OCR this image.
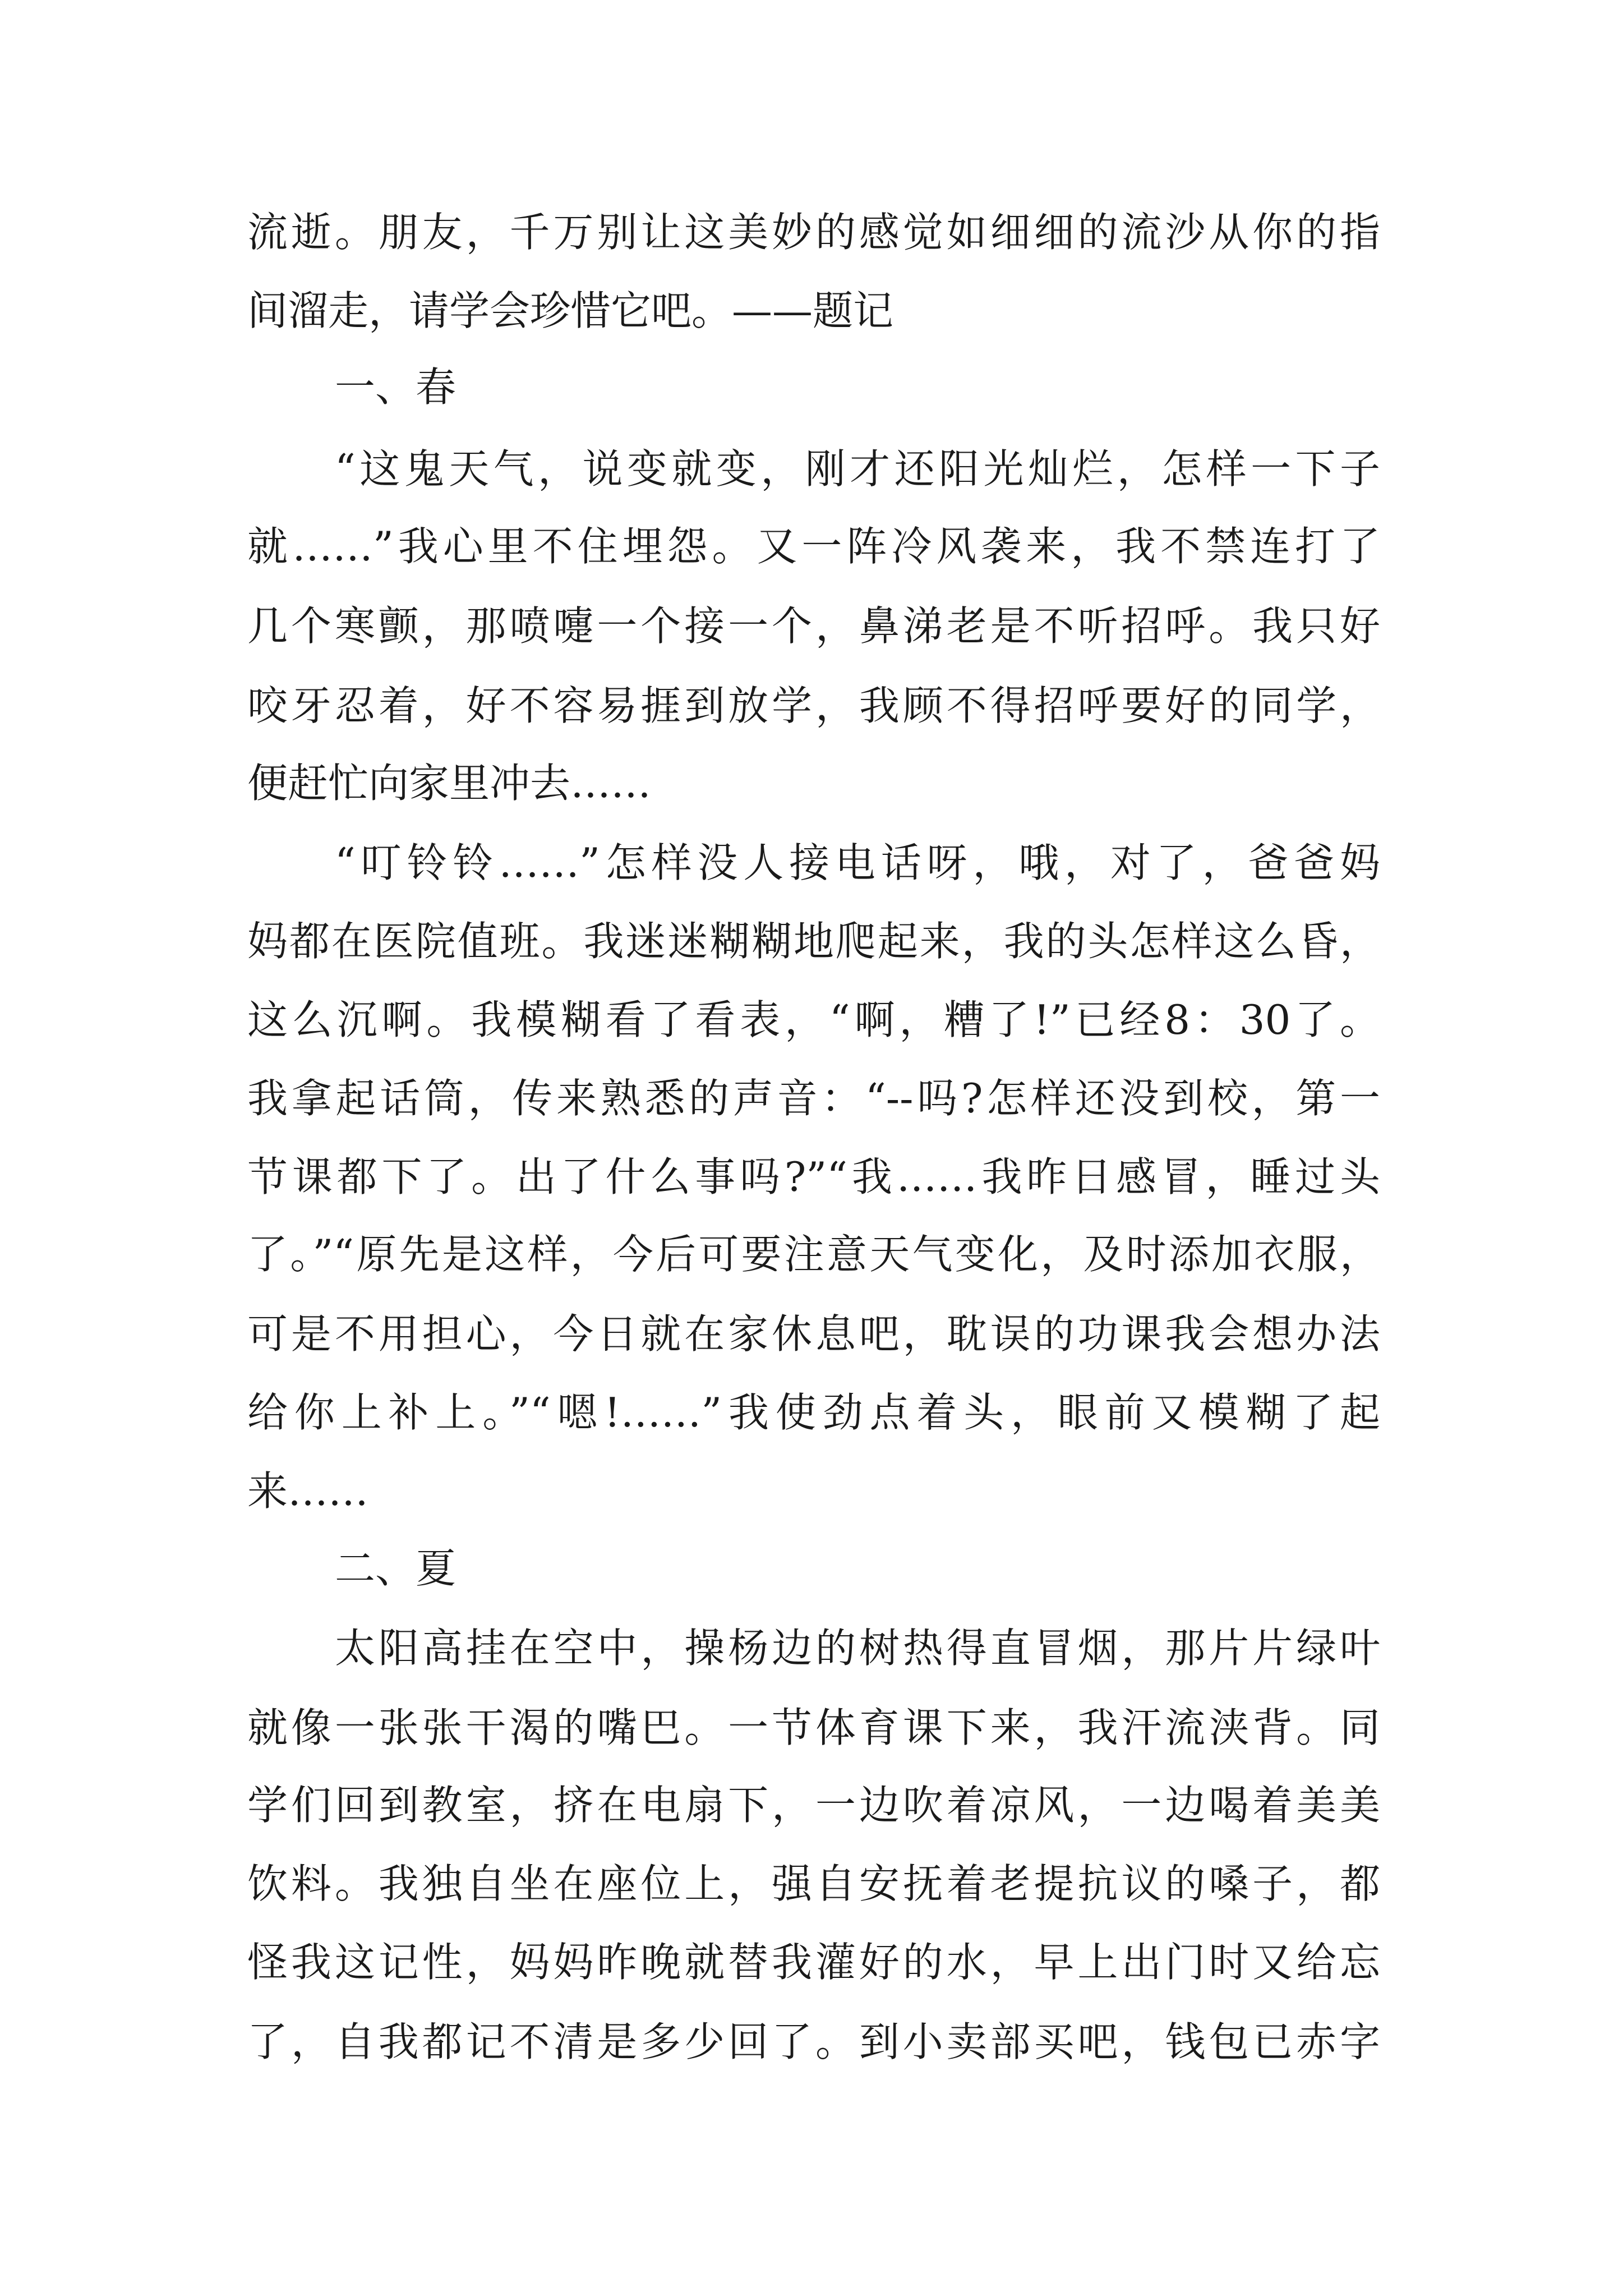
流逝。朋友，千万别让这美妙的感觉如细细的流沙从你的指
间溜走，请学会珍惜它吧。——题记
一、春
“这鬼天气，说变就变，刚才还阳光灿烂，怎样一下子
就……”我心里不住埋怨。又一阵冷风袭来，我不禁连打了
几个寒颤，那喷嚏一个接一个，鼻涕老是不听招呼。我只好
咬牙忍着，好不容易捱到放学，我顾不得招呼要好的同学，
便赶忙向家里冲去……
“叮铃铃……”怎样没人接电话呀，哦，对了，爸爸妈
妈都在医院值班。我迷迷糊糊地爬起来，我的头怎样这么昏，
这么沉啊。我模糊看了看表，“啊，糟了!”已经8：30了。
我拿起话筒，传来熟悉的声音：“--吗?怎样还没到校，第一
节课都下了。出了什么事吗?”“我……我昨日感冒，睡过头
了。”“原先是这样，今后可要注意天气变化，及时添加衣服，
可是不用担心，今日就在家休息吧，耽误的功课我会想办法
给你上补上。”“嗯!……”我使劲点着头，眼前又模糊了起
来……
二、夏
太阳高挂在空中，操杨边的树热得直冒烟，那片片绿叶
就像一张张干渴的嘴巴。一节体育课下来，我汗流浃背。同
学们回到教室，挤在电扇下，一边吹着凉风，一边喝着美美
饮料。我独自坐在座位上，强自安抚着老提抗议的嗓子，都
怪我这记性，妈妈昨晚就替我灌好的水，早上出门时又给忘
了，自我都记不清是多少回了。到小卖部买吧，钱包已赤字
